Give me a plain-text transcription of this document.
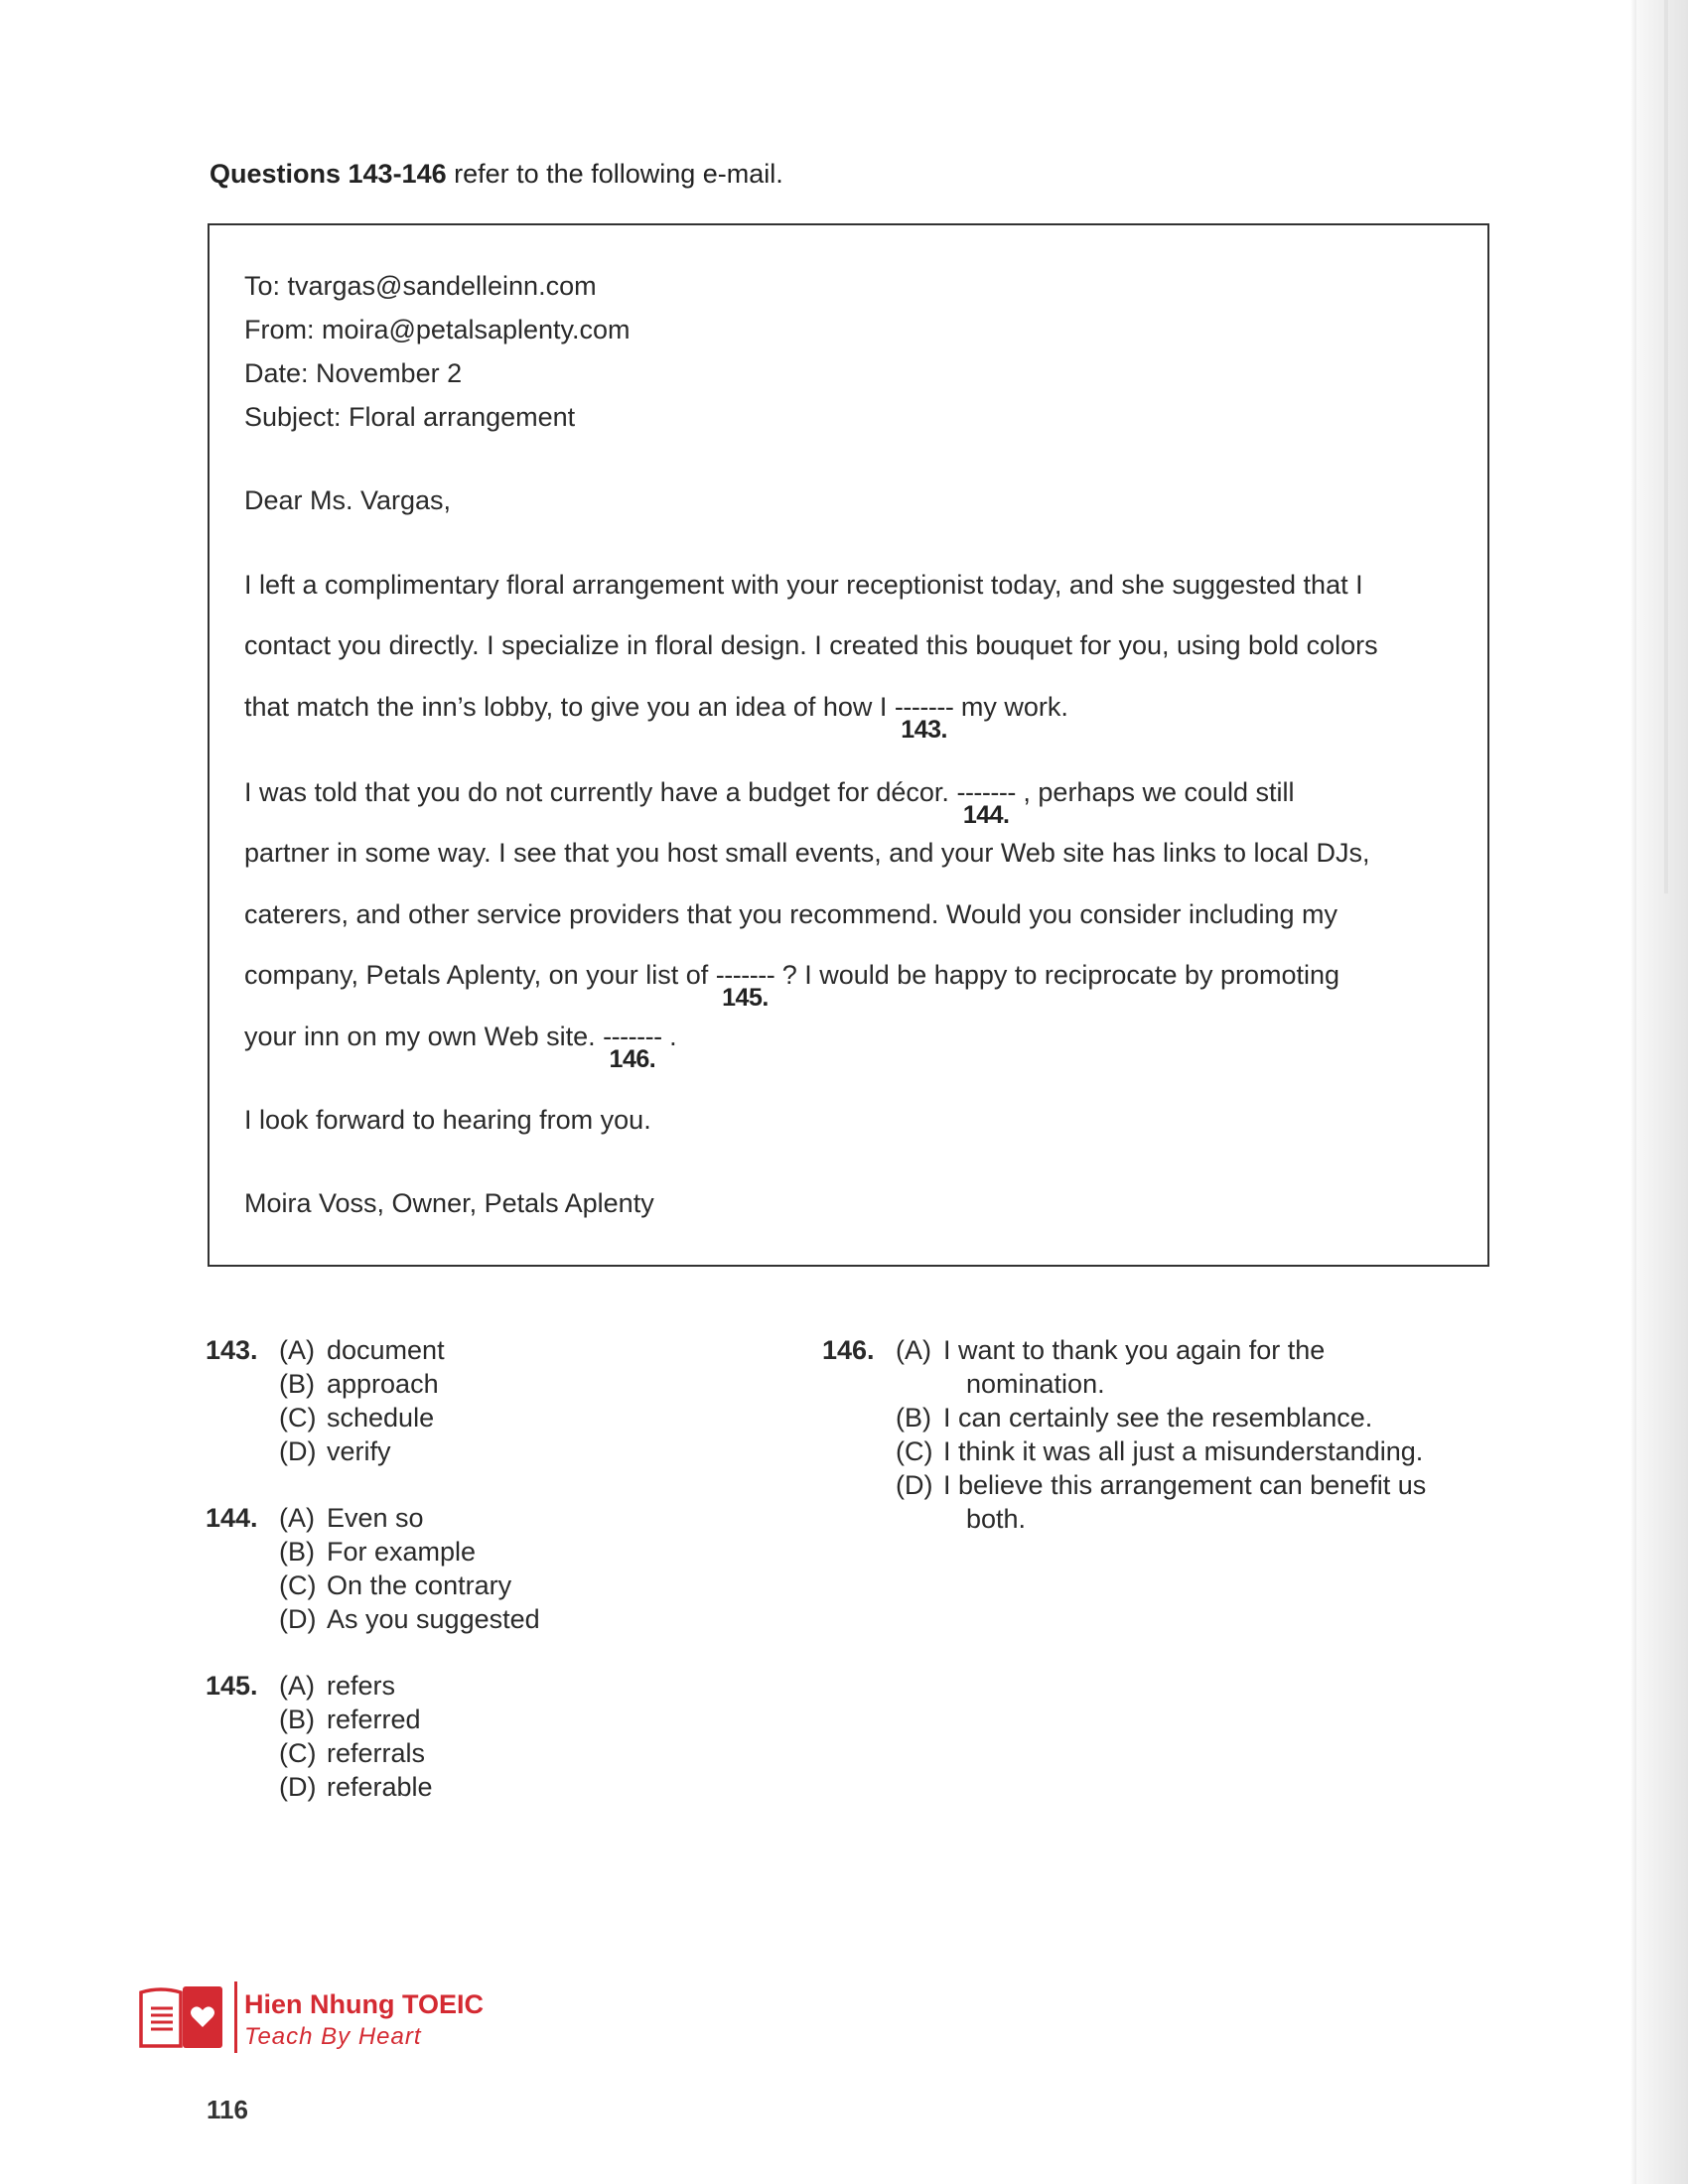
Questions 143-146 refer to the following e-mail.
To: tvargas@sandelleinn.com
From: moira@petalsaplenty.com
Date: November 2
Subject: Floral arrangement
Dear Ms. Vargas,
I left a complimentary floral arrangement with your receptionist today, and she suggested that I
contact you directly. I specialize in floral design. I created this bouquet for you, using bold colors
that match the inn’s lobby, to give you an idea of how I -------
143.
my work.
I was told that you do not currently have a budget for décor. -------
144.
, perhaps we could still
partner in some way. I see that you host small events, and your Web site has links to local DJs,
caterers, and other service providers that you recommend. Would you consider including my
company, Petals Aplenty, on your list of -------
145.
? I would be happy to reciprocate by promoting
your inn on my own Web site. -------
146.
.
I look forward to hearing from you.
Moira Voss, Owner, Petals Aplenty
143. (A) document
(B) approach
(C) schedule
(D) verify
144. (A) Even so
(B) For example
(C) On the contrary
(D) As you suggested
145. (A) refers
(B) referred
(C) referrals
(D) referable
146. (A) I want to thank you again for the
nomination.
(B) I can certainly see the resemblance.
(C) I think it was all just a misunderstanding.
(D) I believe this arrangement can benefit us
both.
Hien Nhung TOEIC
Teach By Heart
116
